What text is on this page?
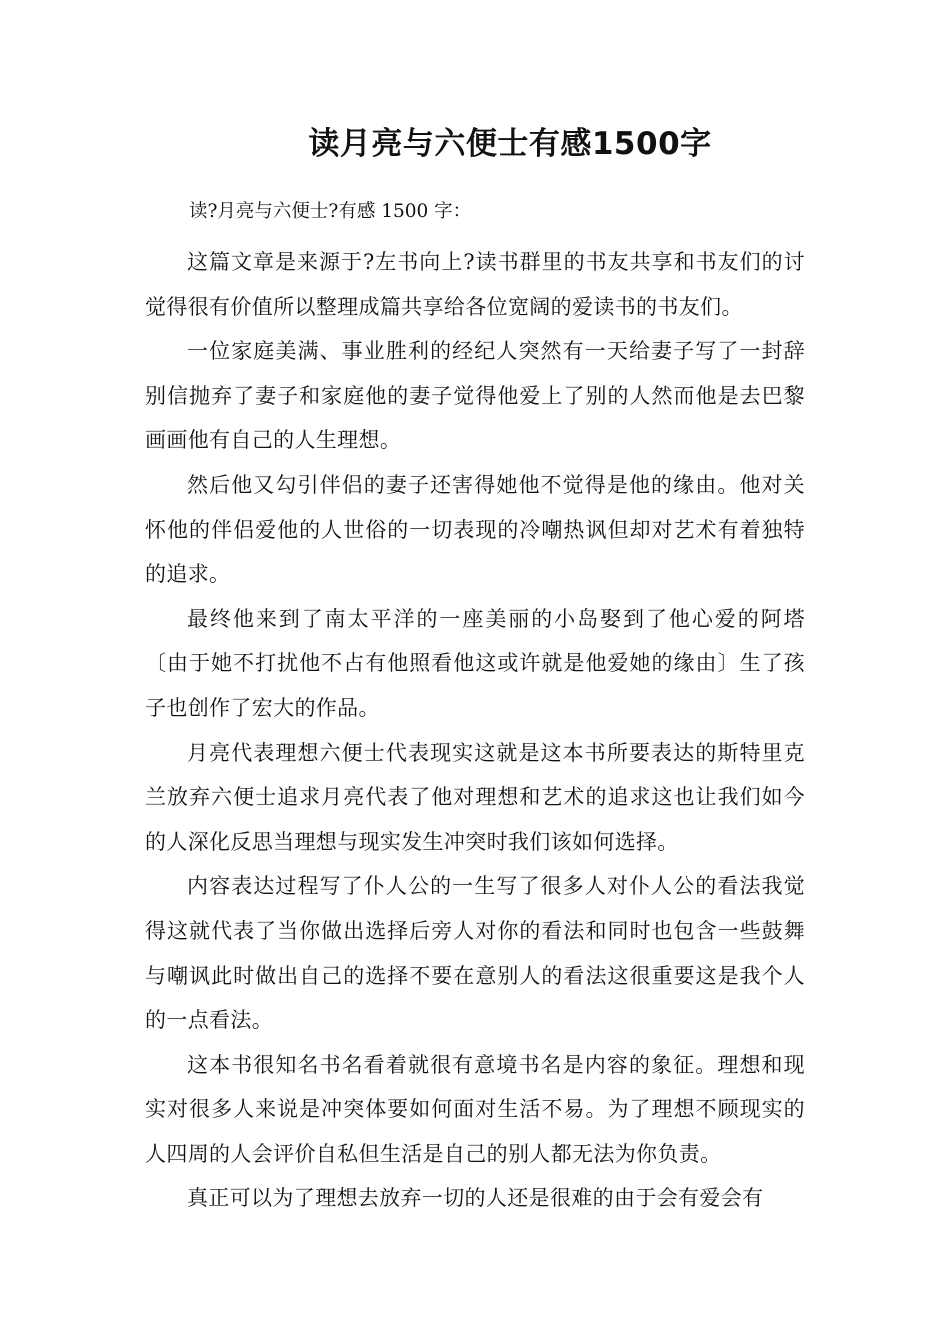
读月亮与六便士有感1500字

读?月亮与六便士?有感 1500 字：

这篇文章是来源于?左书向上?读书群里的书友共享和书友们的讨觉得很有价值所以整理成篇共享给各位宽阔的爱读书的书友们。

一位家庭美满、事业胜利的经纪人突然有一天给妻子写了一封辞别信抛弃了妻子和家庭他的妻子觉得他爱上了别的人然而他是去巴黎画画他有自己的人生理想。

然后他又勾引伴侣的妻子还害得她他不觉得是他的缘由。他对关怀他的伴侣爱他的人世俗的一切表现的冷嘲热讽但却对艺术有着独特的追求。

最终他来到了南太平洋的一座美丽的小岛娶到了他心爱的阿塔〔由于她不打扰他不占有他照看他这或许就是他爱她的缘由〕生了孩子也创作了宏大的作品。

月亮代表理想六便士代表现实这就是这本书所要表达的斯特里克兰放弃六便士追求月亮代表了他对理想和艺术的追求这也让我们如今的人深化反思当理想与现实发生冲突时我们该如何选择。

内容表达过程写了仆人公的一生写了很多人对仆人公的看法我觉得这就代表了当你做出选择后旁人对你的看法和同时也包含一些鼓舞与嘲讽此时做出自己的选择不要在意别人的看法这很重要这是我个人的一点看法。

这本书很知名书名看着就很有意境书名是内容的象征。理想和现实对很多人来说是冲突体要如何面对生活不易。为了理想不顾现实的人四周的人会评价自私但生活是自己的别人都无法为你负责。

真正可以为了理想去放弃一切的人还是很难的由于会有爱会有
